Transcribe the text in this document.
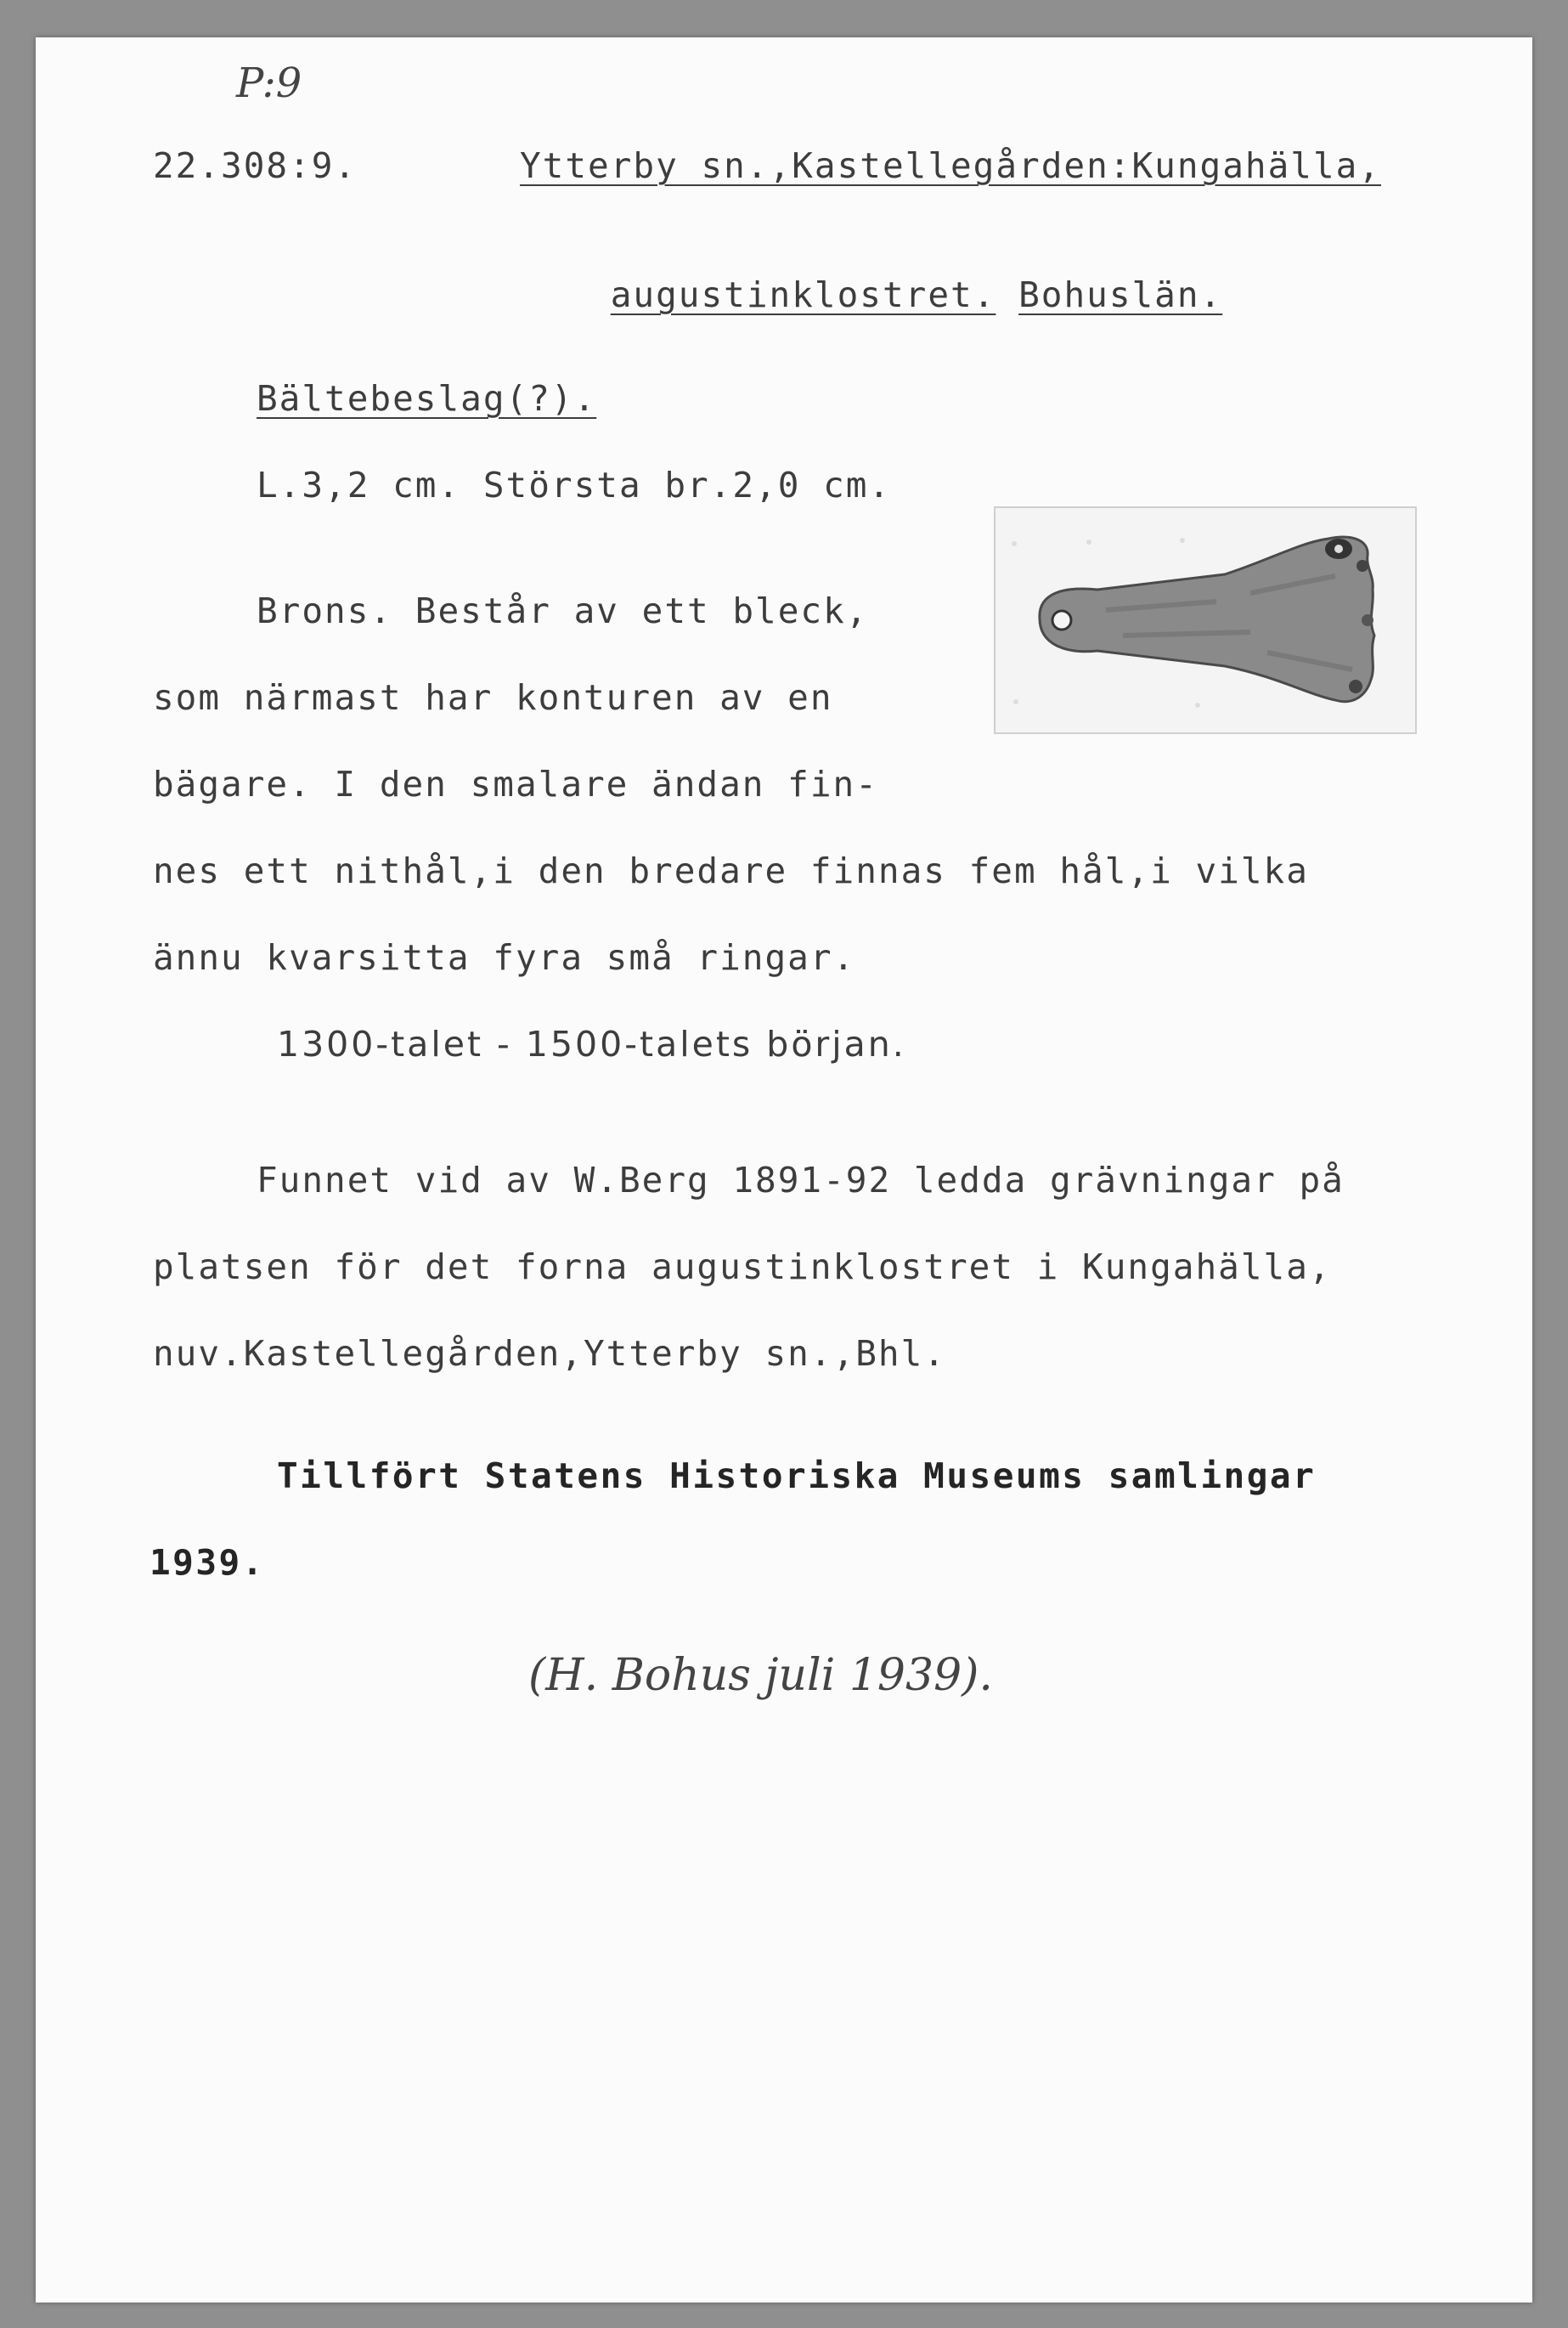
P:9
22.308:9.	Ytterby sn.,Kastellegården:Kungahälla,

augustinklostret. Bohuslän.

Bältebeslag(?).
L.3,2 cm. Största br.2,0 cm.
Brons. Består av ett bleck,
som närmast har konturen av en
bägare. I den smalare ändan fin-
nes ett nithål,i den bredare finnas fem hål,i vilka
ännu kvarsitta fyra små ringar.
1300-talet - 1500-talets början.
Funnet vid av W.Berg 1891-92 ledda grävningar på
platsen för det forna augustinklostret i Kungahälla,
nuv.Kastellegården,Ytterby sn.,Bhl.
Tillfört Statens Historiska Museums samlingar
1939.
(H. Bohus juli 1939).
